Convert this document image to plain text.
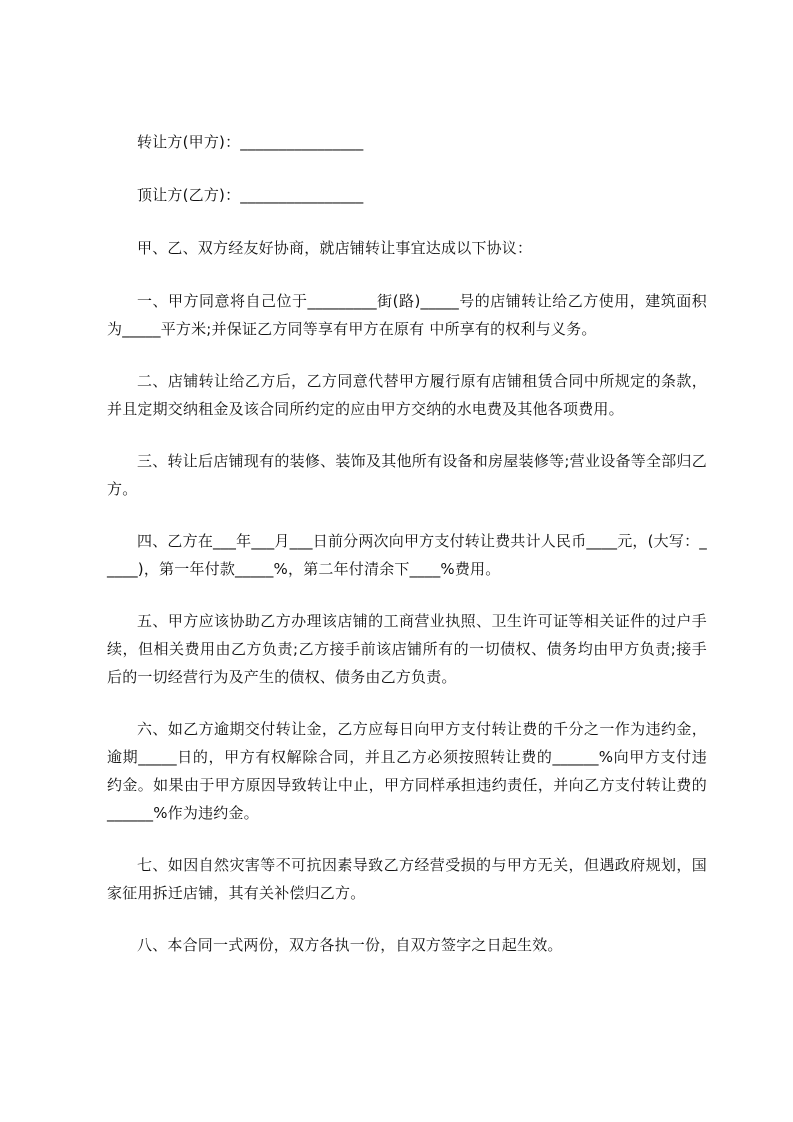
转让方(甲方)：________________

顶让方(乙方)：________________

甲、乙、双方经友好协商，就店铺转让事宜达成以下协议：

一、甲方同意将自己位于_________街(路)_____号的店铺转让给乙方使用，建筑面积为_____平方米;并保证乙方同等享有甲方在原有 中所享有的权利与义务。

二、店铺转让给乙方后，乙方同意代替甲方履行原有店铺租赁合同中所规定的条款，并且定期交纳租金及该合同所约定的应由甲方交纳的水电费及其他各项费用。

三、转让后店铺现有的装修、装饰及其他所有设备和房屋装修等;营业设备等全部归乙方。

四、乙方在___年___月___日前分两次向甲方支付转让费共计人民币____元，(大写：_____)，第一年付款_____%，第二年付清余下____%费用。

五、甲方应该协助乙方办理该店铺的工商营业执照、卫生许可证等相关证件的过户手续，但相关费用由乙方负责;乙方接手前该店铺所有的一切债权、债务均由甲方负责;接手后的一切经营行为及产生的债权、债务由乙方负责。

六、如乙方逾期交付转让金，乙方应每日向甲方支付转让费的千分之一作为违约金，逾期_____日的，甲方有权解除合同，并且乙方必须按照转让费的______%向甲方支付违约金。如果由于甲方原因导致转让中止，甲方同样承担违约责任，并向乙方支付转让费的______%作为违约金。

七、如因自然灾害等不可抗因素导致乙方经营受损的与甲方无关，但遇政府规划，国家征用拆迁店铺，其有关补偿归乙方。

八、本合同一式两份，双方各执一份，自双方签字之日起生效。
